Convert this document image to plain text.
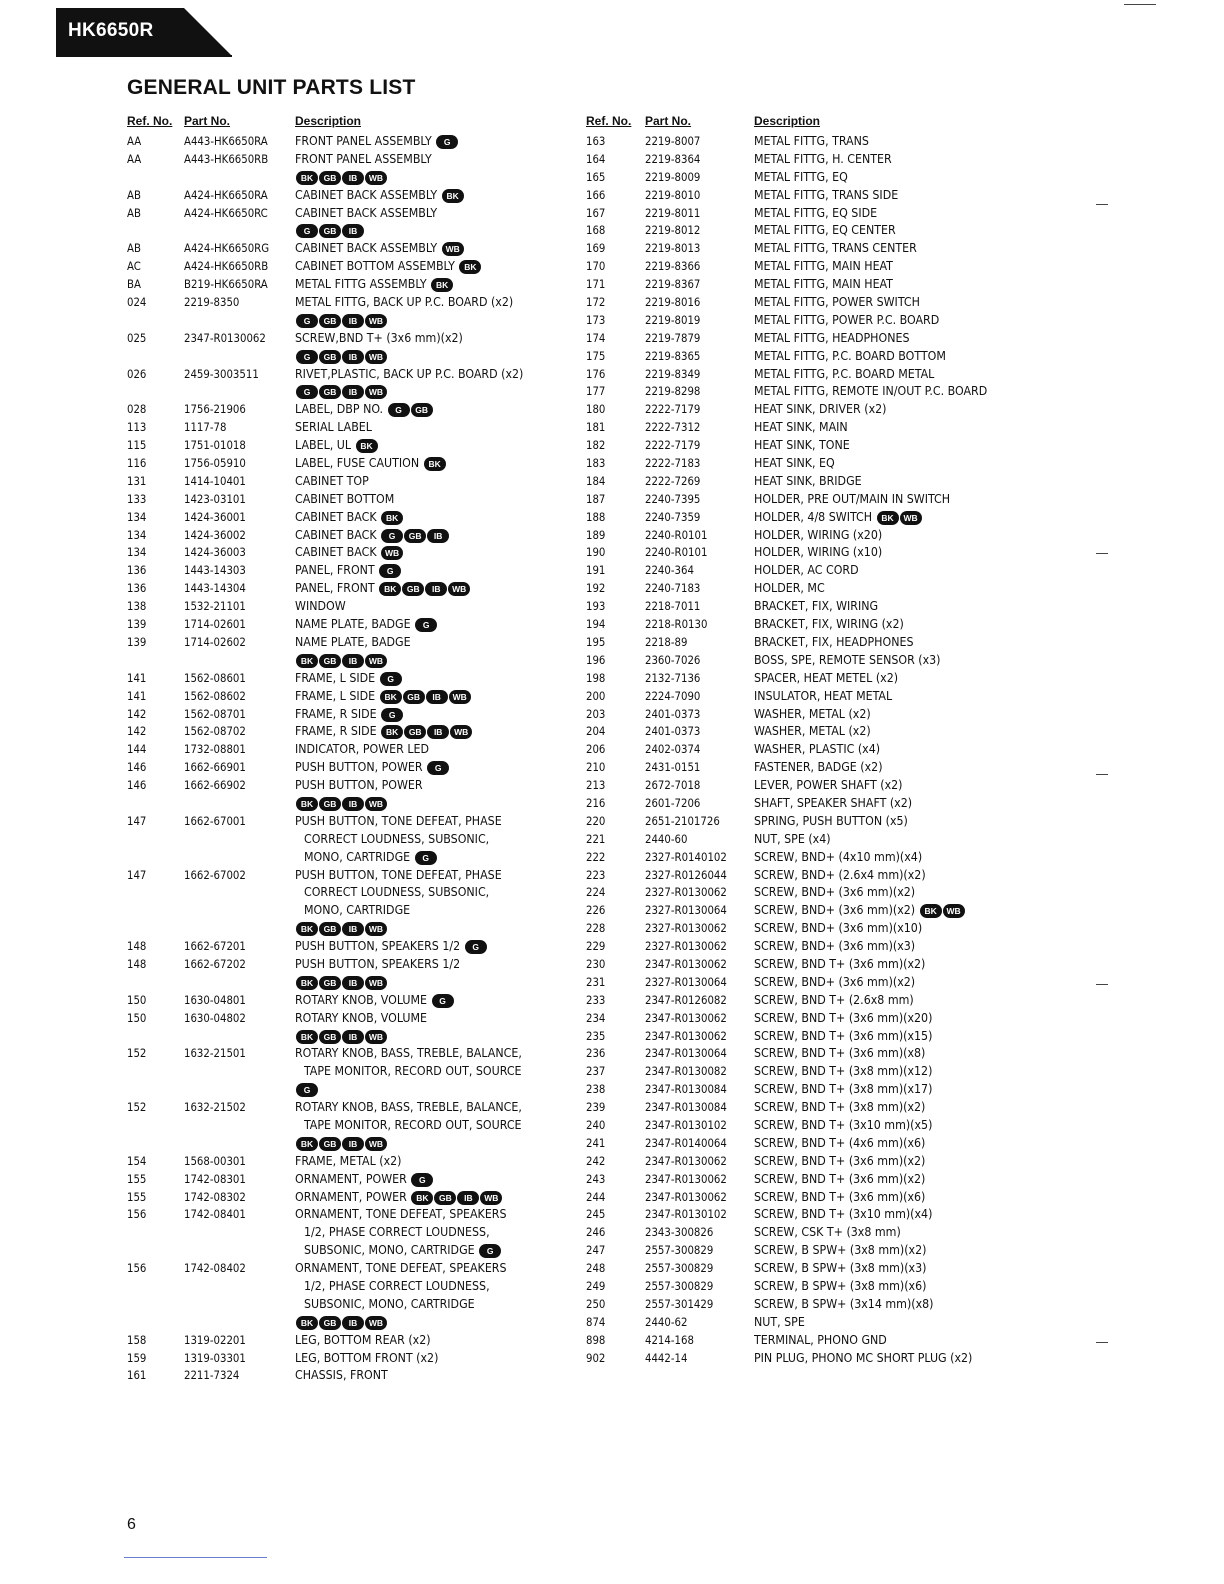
HK6650R
GENERAL UNIT PARTS LIST
Ref. No. Part No.	Description
AA	A443-HK6650RA	FRONT PANEL ASSEMBLY G
AA	A443-HK6650RB	FRONT PANEL ASSEMBLY
BK GB IB WB
AB	A424-HK6650RA	CABINET BACK ASSEMBLY BK
AB	A424-HK6650RC	CABINET BACK ASSEMBLY
G GB IB
AB	A424-HK6650RG	CABINET BACK ASSEMBLY WB
AC	A424-HK6650RB	CABINET BOTTOM ASSEMBLY BK
BA	B219-HK6650RA	METAL FITTG ASSEMBLY BK
024	2219-8350	METAL FITTG, BACK UP P.C. BOARD (x2)
G GB IB WB
025	2347-R0130062	SCREW,BND T+ (3x6 mm)(x2)
G GB IB WB
026	2459-3003511	RIVET,PLASTIC, BACK UP P.C. BOARD (x2)
G GB IB WB
028	1756-21906	LABEL, DBP NO. G GB
113	1117-78	SERIAL LABEL
115	1751-01018	LABEL, UL BK
116	1756-05910	LABEL, FUSE CAUTION BK
131	1414-10401	CABINET TOP
133	1423-03101	CABINET BOTTOM
134	1424-36001	CABINET BACK BK
134	1424-36002	CABINET BACK G GB IB
134	1424-36003	CABINET BACK WB
136	1443-14303	PANEL, FRONT G
136	1443-14304	PANEL, FRONT BK GB IB WB
138	1532-21101	WINDOW
139	1714-02601	NAME PLATE, BADGE G
139	1714-02602	NAME PLATE, BADGE
BK GB IB WB
141	1562-08601	FRAME, L SIDE G
141	1562-08602	FRAME, L SIDE BK GB IB WB
142	1562-08701	FRAME, R SIDE G
142	1562-08702	FRAME, R SIDE BK GB IB WB
144	1732-08801	INDICATOR, POWER LED
146	1662-66901	PUSH BUTTON, POWER G
146	1662-66902	PUSH BUTTON, POWER
BK GB IB WB
147	1662-67001	PUSH BUTTON, TONE DEFEAT, PHASE
CORRECT LOUDNESS, SUBSONIC,
MONO, CARTRIDGE G
147	1662-67002	PUSH BUTTON, TONE DEFEAT, PHASE
CORRECT LOUDNESS, SUBSONIC,
MONO, CARTRIDGE
BK GB IB WB
148	1662-67201	PUSH BUTTON, SPEAKERS 1/2 G
148	1662-67202	PUSH BUTTON, SPEAKERS 1/2
BK GB IB WB
150	1630-04801	ROTARY KNOB, VOLUME G
150	1630-04802	ROTARY KNOB, VOLUME
BK GB IB WB
152	1632-21501	ROTARY KNOB, BASS, TREBLE, BALANCE,
TAPE MONITOR, RECORD OUT, SOURCE
G
152	1632-21502	ROTARY KNOB, BASS, TREBLE, BALANCE,
TAPE MONITOR, RECORD OUT, SOURCE
BK GB IB WB
154	1568-00301	FRAME, METAL (x2)
155	1742-08301	ORNAMENT, POWER G
155	1742-08302	ORNAMENT, POWER BK GB IB WB
156	1742-08401	ORNAMENT, TONE DEFEAT, SPEAKERS
1/2, PHASE CORRECT LOUDNESS,
SUBSONIC, MONO, CARTRIDGE G
156	1742-08402	ORNAMENT, TONE DEFEAT, SPEAKERS
1/2, PHASE CORRECT LOUDNESS,
SUBSONIC, MONO, CARTRIDGE
BK GB IB WB
158	1319-02201	LEG, BOTTOM REAR (x2)
159	1319-03301	LEG, BOTTOM FRONT (x2)
161	2211-7324	CHASSIS, FRONT
Ref. No.	Part No.	Description
163	2219-8007	METAL FITTG, TRANS
164	2219-8364	METAL FITTG, H. CENTER
165	2219-8009	METAL FITTG, EQ
166	2219-8010	METAL FITTG, TRANS SIDE
167	2219-8011	METAL FITTG, EQ SIDE
168	2219-8012	METAL FITTG, EQ CENTER
169	2219-8013	METAL FITTG, TRANS CENTER
170	2219-8366	METAL FITTG, MAIN HEAT
171	2219-8367	METAL FITTG, MAIN HEAT
172	2219-8016	METAL FITTG, POWER SWITCH
173	2219-8019	METAL FITTG, POWER P.C. BOARD
174	2219-7879	METAL FITTG, HEADPHONES
175	2219-8365	METAL FITTG, P.C. BOARD BOTTOM
176	2219-8349	METAL FITTG, P.C. BOARD METAL
177	2219-8298	METAL FITTG, REMOTE IN/OUT P.C. BOARD
180	2222-7179	HEAT SINK, DRIVER (x2)
181	2222-7312	HEAT SINK, MAIN
182	2222-7179	HEAT SINK, TONE
183	2222-7183	HEAT SINK, EQ
184	2222-7269	HEAT SINK, BRIDGE
187	2240-7395	HOLDER, PRE OUT/MAIN IN SWITCH
188	2240-7359	HOLDER, 4/8 SWITCH BK WB
189	2240-R0101	HOLDER, WIRING (x20)
190	2240-R0101	HOLDER, WIRING (x10)
191	2240-364	HOLDER, AC CORD
192	2240-7183	HOLDER, MC
193	2218-7011	BRACKET, FIX, WIRING
194	2218-R0130	BRACKET, FIX, WIRING (x2)
195	2218-89	BRACKET, FIX, HEADPHONES
196	2360-7026	BOSS, SPE, REMOTE SENSOR (x3)
198	2132-7136	SPACER, HEAT METEL (x2)
200	2224-7090	INSULATOR, HEAT METAL
203	2401-0373	WASHER, METAL (x2)
204	2401-0373	WASHER, METAL (x2)
206	2402-0374	WASHER, PLASTIC (x4)
210	2431-0151	FASTENER, BADGE (x2)
213	2672-7018	LEVER, POWER SHAFT (x2)
216	2601-7206	SHAFT, SPEAKER SHAFT (x2)
220	2651-2101726	SPRING, PUSH BUTTON (x5)
221	2440-60	NUT, SPE (x4)
222	2327-R0140102	SCREW, BND+ (4x10 mm)(x4)
223	2327-R0126044	SCREW, BND+ (2.6x4 mm)(x2)
224	2327-R0130062	SCREW, BND+ (3x6 mm)(x2)
226	2327-R0130064	SCREW, BND+ (3x6 mm)(x2) BK WB
228	2327-R0130062	SCREW, BND+ (3x6 mm)(x10)
229	2327-R0130062	SCREW, BND+ (3x6 mm)(x3)
230	2347-R0130062	SCREW, BND T+ (3x6 mm)(x2)
231	2327-R0130064	SCREW, BND+ (3x6 mm)(x2)
233	2347-R0126082	SCREW, BND T+ (2.6x8 mm)
234	2347-R0130062	SCREW, BND T+ (3x6 mm)(x20)
235	2347-R0130062	SCREW, BND T+ (3x6 mm)(x15)
236	2347-R0130064	SCREW, BND T+ (3x6 mm)(x8)
237	2347-R0130082	SCREW, BND T+ (3x8 mm)(x12)
238	2347-R0130084	SCREW, BND T+ (3x8 mm)(x17)
239	2347-R0130084	SCREW, BND T+ (3x8 mm)(x2)
240	2347-R0130102	SCREW, BND T+ (3x10 mm)(x5)
241	2347-R0140064	SCREW, BND T+ (4x6 mm)(x6)
242	2347-R0130062	SCREW, BND T+ (3x6 mm)(x2)
243	2347-R0130062	SCREW, BND T+ (3x6 mm)(x2)
244	2347-R0130062	SCREW, BND T+ (3x6 mm)(x6)
245	2347-R0130102	SCREW, BND T+ (3x10 mm)(x4)
246	2343-300826	SCREW, CSK T+ (3x8 mm)
247	2557-300829	SCREW, B SPW+ (3x8 mm)(x2)
248	2557-300829	SCREW, B SPW+ (3x8 mm)(x3)
249	2557-300829	SCREW, B SPW+ (3x8 mm)(x6)
250	2557-301429	SCREW, B SPW+ (3x14 mm)(x8)
874	2440-62	NUT, SPE
898	4214-168	TERMINAL, PHONO GND
902	4442-14	PIN PLUG, PHONO MC SHORT PLUG (x2)

6
